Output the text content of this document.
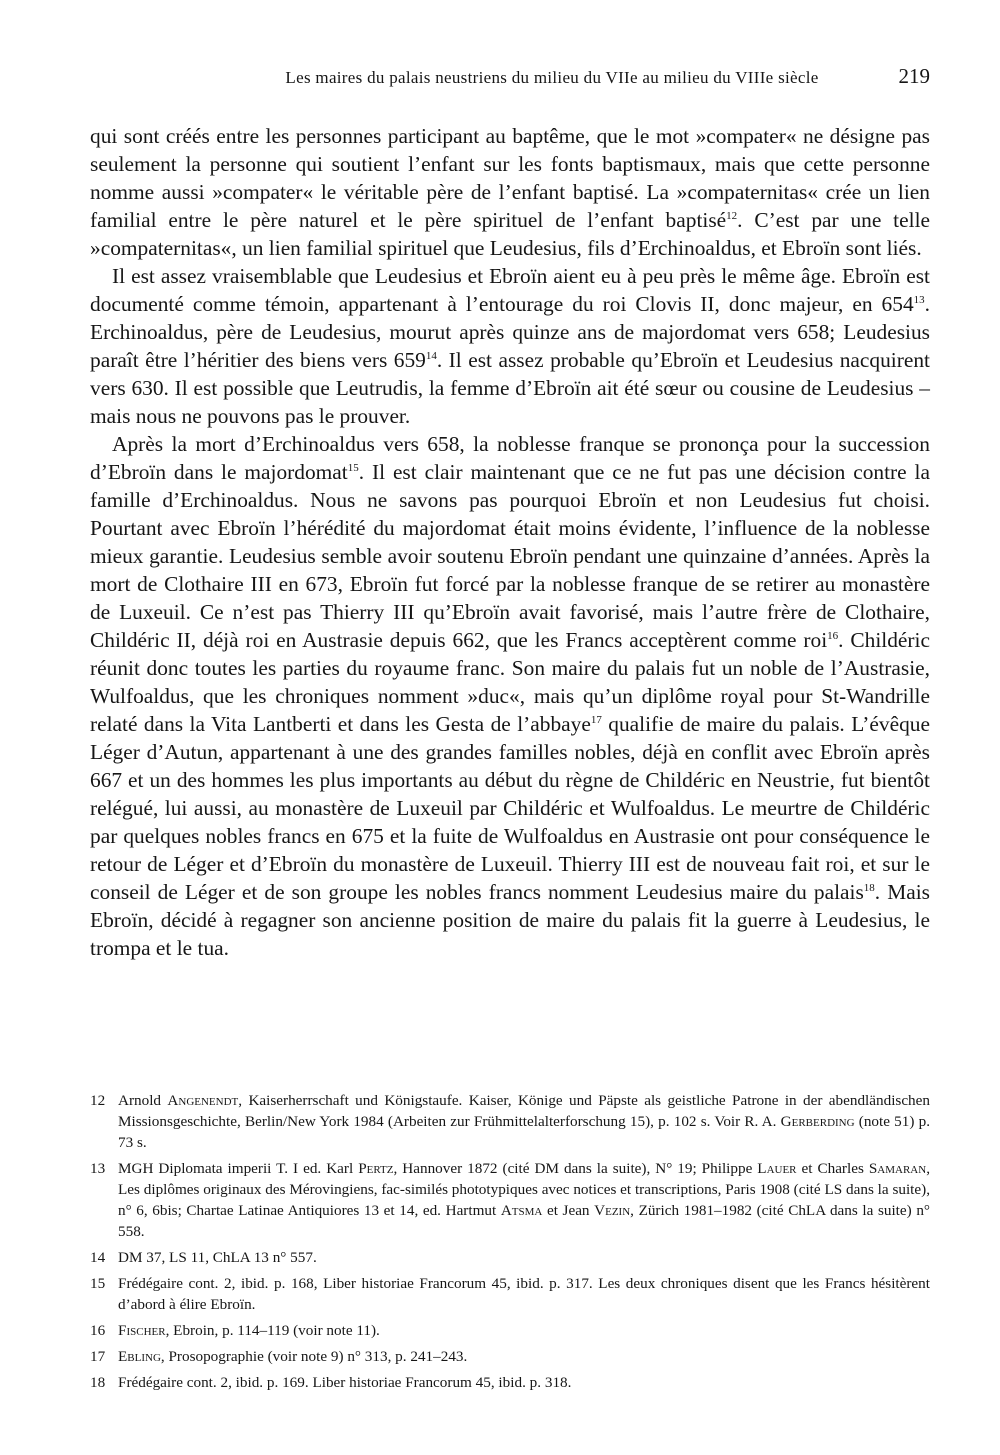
Les maires du palais neustriens du milieu du VIIe au milieu du VIIIe siècle	219

qui sont créés entre les personnes participant au baptême, que le mot »compater« ne désigne pas seulement la personne qui soutient l’enfant sur les fonts baptismaux, mais que cette personne nomme aussi »compater« le véritable père de l’enfant baptisé. La »compaternitas« crée un lien familial entre le père naturel et le père spirituel de l’enfant baptisé$^{12}$. C’est par une telle »compaternitas«, un lien familial spirituel que Leudesius, fils d’Erchinoaldus, et Ebroïn sont liés.

Il est assez vraisemblable que Leudesius et Ebroïn aient eu à peu près le même âge. Ebroïn est documenté comme témoin, appartenant à l’entourage du roi Clovis II, donc majeur, en $654^{13}$. Erchinoaldus, père de Leudesius, mourut après quinze ans de majordomat vers 658; Leudesius paraît être l’héritier des biens vers $659^{14}$. Il est assez probable qu’Ebroïn et Leudesius nacquirent vers 630. Il est possible que Leutrudis, la femme d’Ebroïn ait été sœur ou cousine de Leudesius – mais nous ne pouvons pas le prouver.

Après la mort d’Erchinoaldus vers 658, la noblesse franque se prononça pour la succession d’Ebroïn dans le majordomat$^{15}$. Il est clair maintenant que ce ne fut pas une décision contre la famille d’Erchinoaldus. Nous ne savons pas pourquoi Ebroïn et non Leudesius fut choisi. Pourtant avec Ebroïn l’hérédité du majordomat était moins évidente, l’influence de la noblesse mieux garantie. Leudesius semble avoir soutenu Ebroïn pendant une quinzaine d’années. Après la mort de Clothaire III en 673, Ebroïn fut forcé par la noblesse franque de se retirer au monastère de Luxeuil. Ce n’est pas Thierry III qu’Ebroïn avait favorisé, mais l’autre frère de Clothaire, Childéric II, déjà roi en Austrasie depuis 662, que les Francs acceptèrent comme roi$^{16}$. Childéric réunit donc toutes les parties du royaume franc. Son maire du palais fut un noble de l’Austrasie, Wulfoaldus, que les chroniques nomment »duc«, mais qu’un diplôme royal pour St-Wandrille relaté dans la Vita Lantberti et dans les Gesta de l’abbaye$^{17}$ qualifie de maire du palais. L’évêque Léger d’Autun, appartenant à une des grandes familles nobles, déjà en conflit avec Ebroïn après 667 et un des hommes les plus importants au début du règne de Childéric en Neustrie, fut bientôt relégué, lui aussi, au monastère de Luxeuil par Childéric et Wulfoaldus. Le meurtre de Childéric par quelques nobles francs en 675 et la fuite de Wulfoaldus en Austrasie ont pour conséquence le retour de Léger et d’Ebroïn du monastère de Luxeuil. Thierry III est de nouveau fait roi, et sur le conseil de Léger et de son groupe les nobles francs nomment Leudesius maire du palais$^{18}$. Mais Ebroïn, décidé à regagner son ancienne position de maire du palais fit la guerre à Leudesius, le trompa et le tua.

12 Arnold Angenendt, Kaiserherrschaft und Königstaufe. Kaiser, Könige und Päpste als geistliche Patrone in der abendländischen Missionsgeschichte, Berlin/New York 1984 (Arbeiten zur Frühmittelalterforschung 15), p. 102 s. Voir R. A. Gerberding (note 51) p. 73 s.
13 MGH Diplomata imperii T. I ed. Karl Pertz, Hannover 1872 (cité DM dans la suite), N° 19; Philippe Lauer et Charles Samaran, Les diplômes originaux des Mérovingiens, fac-similés phototypiques avec notices et transcriptions, Paris 1908 (cité LS dans la suite), n° 6, 6bis; Chartae Latinae Antiquiores 13 et 14, ed. Hartmut Atsma et Jean Vezin, Zürich 1981–1982 (cité ChLA dans la suite) n° 558.
14 DM 37, LS 11, ChLA 13 n° 557.
15 Frédégaire cont. 2, ibid. p. 168, Liber historiae Francorum 45, ibid. p. 317. Les deux chroniques disent que les Francs hésitèrent d’abord à élire Ebroïn.
16 Fischer, Ebroin, p. 114–119 (voir note 11).
17 Ebling, Prosopographie (voir note 9) n° 313, p. 241–243.
18 Frédégaire cont. 2, ibid. p. 169. Liber historiae Francorum 45, ibid. p. 318.
